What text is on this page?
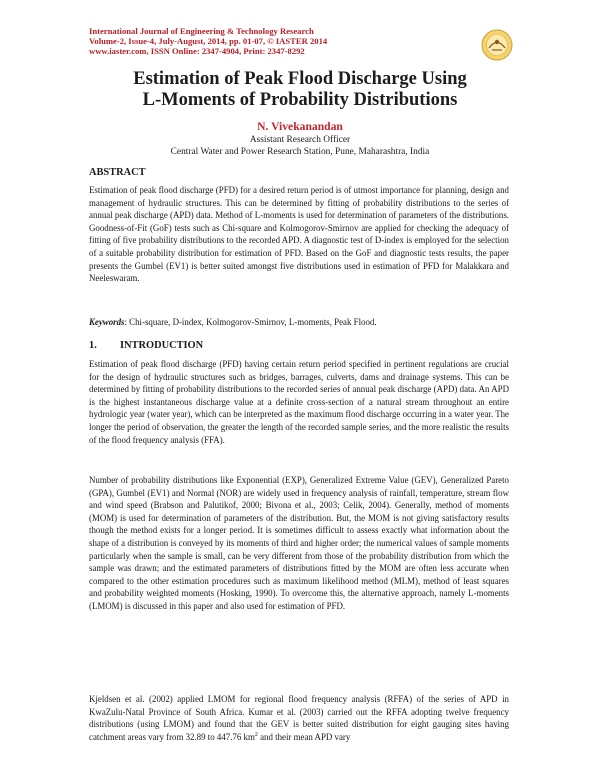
International Journal of Engineering & Technology Research
Volume-2, Issue-4, July-August, 2014, pp. 01-07, © IASTER 2014
www.iaster.com, ISSN Online: 2347-4904, Print: 2347-8292
Estimation of Peak Flood Discharge Using
L-Moments of Probability Distributions
N. Vivekanandan
Assistant Research Officer
Central Water and Power Research Station, Pune, Maharashtra, India
ABSTRACT
Estimation of peak flood discharge (PFD) for a desired return period is of utmost importance for planning, design and management of hydraulic structures. This can be determined by fitting of probability distributions to the series of annual peak discharge (APD) data. Method of L-moments is used for determination of parameters of the distributions. Goodness-of-Fit (GoF) tests such as Chi-square and Kolmogorov-Smirnov are applied for checking the adequacy of fitting of five probability distributions to the recorded APD. A diagnostic test of D-index is employed for the selection of a suitable probability distribution for estimation of PFD. Based on the GoF and diagnostic tests results, the paper presents the Gumbel (EV1) is better suited amongst five distributions used in estimation of PFD for Malakkara and Neeleswaram.
Keywords: Chi-square, D-index, Kolmogorov-Smirnov, L-moments, Peak Flood.
1. INTRODUCTION
Estimation of peak flood discharge (PFD) having certain return period specified in pertinent regulations are crucial for the design of hydraulic structures such as bridges, barrages, culverts, dams and drainage systems. This can be determined by fitting of probability distributions to the recorded series of annual peak discharge (APD) data. An APD is the highest instantaneous discharge value at a definite cross-section of a natural stream throughout an entire hydrologic year (water year), which can be interpreted as the maximum flood discharge occurring in a water year. The longer the period of observation, the greater the length of the recorded sample series, and the more realistic the results of the flood frequency analysis (FFA).
Number of probability distributions like Exponential (EXP), Generalized Extreme Value (GEV), Generalized Pareto (GPA), Gumbel (EV1) and Normal (NOR) are widely used in frequency analysis of rainfall, temperature, stream flow and wind speed (Brabson and Palutikof, 2000; Bivona et al., 2003; Celik, 2004). Generally, method of moments (MOM) is used for determination of parameters of the distribution. But, the MOM is not giving satisfactory results though the method exists for a longer period. It is sometimes difficult to assess exactly what information about the shape of a distribution is conveyed by its moments of third and higher order; the numerical values of sample moments particularly when the sample is small, can be very different from those of the probability distribution from which the sample was drawn; and the estimated parameters of distributions fitted by the MOM are often less accurate when compared to the other estimation procedures such as maximum likelihood method (MLM), method of least squares and probability weighted moments (Hosking, 1990). To overcome this, the alternative approach, namely L-moments (LMOM) is discussed in this paper and also used for estimation of PFD.
Kjeldsen et al. (2002) applied LMOM for regional flood frequency analysis (RFFA) of the series of APD in KwaZulu-Natal Province of South Africa. Kumar et al. (2003) carried out the RFFA adopting twelve frequency distributions (using LMOM) and found that the GEV is better suited distribution for eight gauging sites having catchment areas vary from 32.89 to 447.76 $km^2$ and their mean APD vary
